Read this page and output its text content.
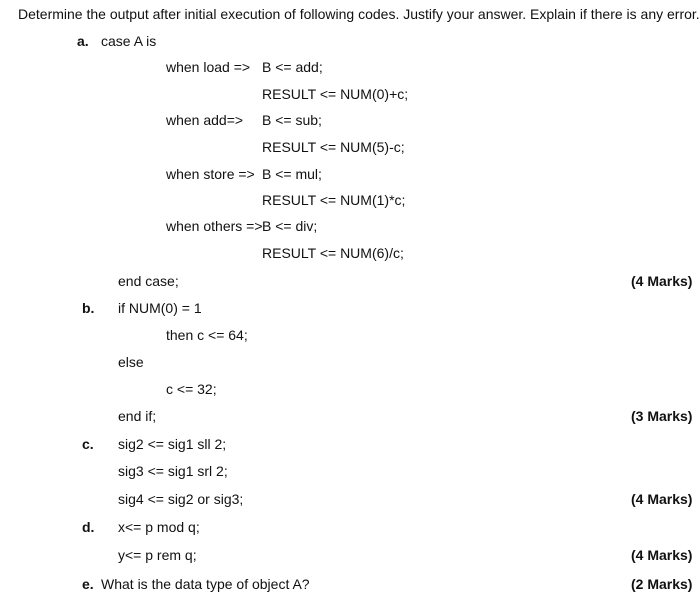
Determine the output after initial execution of following codes. Justify your answer. Explain if there is any error.
a. case A is
when load => B <= add;
RESULT <= NUM(0)+c;
when add=> B <= sub;
RESULT <= NUM(5)-c;
when store => B <= mul;
RESULT <= NUM(1)*c;
when others => B <= div;
RESULT <= NUM(6)/c;
end case;	(4 Marks)
b. if NUM(0) = 1
then c <= 64;
else
c <= 32;
end if;	(3 Marks)
c. sig2 <= sig1 sll 2;
sig3 <= sig1 srl 2;
sig4 <= sig2 or sig3;	(4 Marks)
d. x<= p mod q;
y<= p rem q;	(4 Marks)
e. What is the data type of object A?	(2 Marks)
